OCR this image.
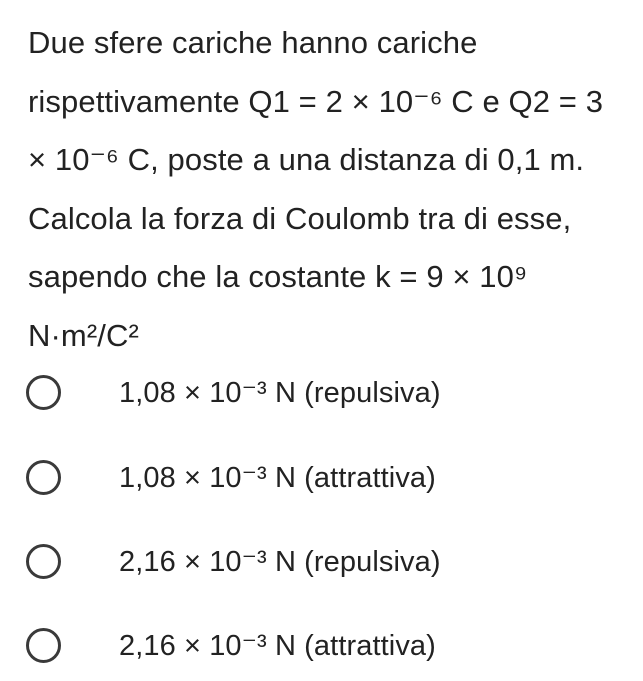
Due sfere cariche hanno cariche
rispettivamente Q1 = 2 × 10⁻⁶ C e Q2 = 3
× 10⁻⁶ C, poste a una distanza di 0,1 m.
Calcola la forza di Coulomb tra di esse,
sapendo che la costante k = 9 × 10⁹
N·m²/C²
1,08 × 10⁻³ N (repulsiva)
1,08 × 10⁻³ N (attrattiva)
2,16 × 10⁻³ N (repulsiva)
2,16 × 10⁻³ N (attrattiva)
